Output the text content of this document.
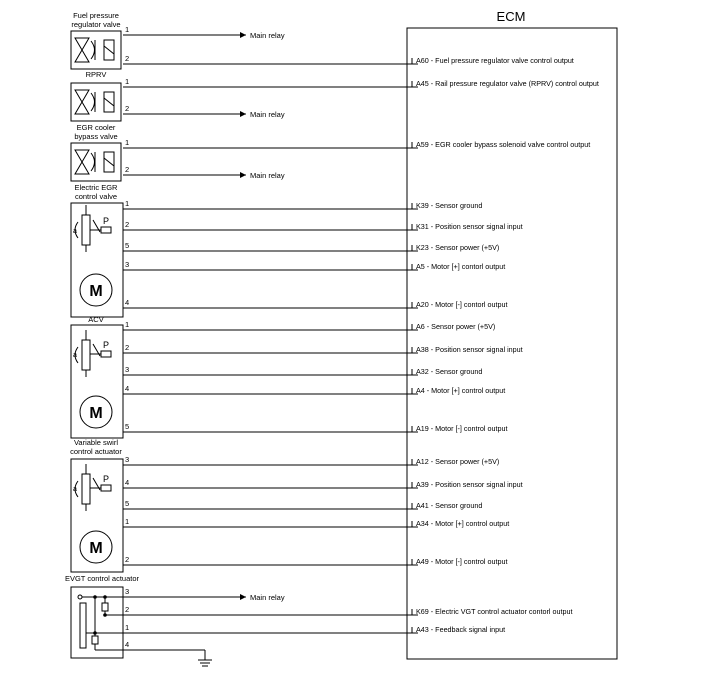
ECM
Fuel pressure
regulator valve
RPRV
EGR cooler
bypass valve
Electric EGR
control valve
ACV
Variable swirl
control actuator
EVGT control actuator
P
a
M
P
a
M
P
a
M
1
Main relay
2	A60 - Fuel pressure regulator valve control output
1	A45 - Rail pressure regulator valve (RPRV) control output
2
Main relay
1	A59 - EGR cooler bypass solenoid valve control output
2
Main relay
1	K39 - Sensor ground
2	K31 - Position sensor signal input
5	K23 - Sensor power (+5V)
3	A5 - Motor [+] contorl output
4	A20 - Motor [-] contorl output
1	A6 - Sensor power (+5V)
2	A38 - Position sensor signal input
3	A32 - Sensor ground
4	A4 - Motor [+] control output
5	A19 - Motor [-] control output
3	A12 - Sensor power (+5V)
4	A39 - Position sensor signal input
5	A41 - Sensor ground
1	A34 - Motor [+] control output
2	A49 - Motor [-] control output
3
Main relay
2	K69 - Electric VGT control actuator contorl output
1	A43 - Feedback signal input
4
